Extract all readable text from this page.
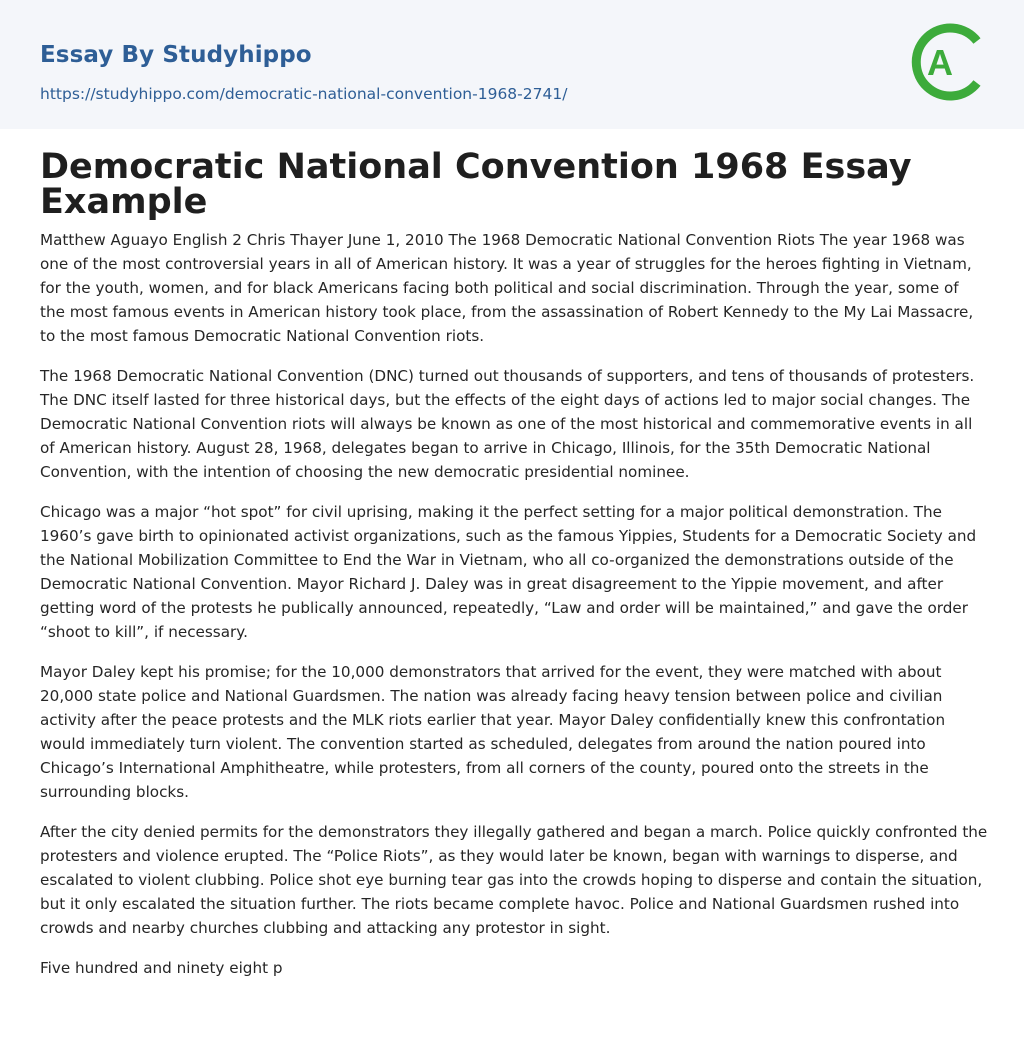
Essay By Studyhippo
https://studyhippo.com/democratic-national-convention-1968-2741/
A
Democratic National Convention 1968 Essay Example

Matthew Aguayo English 2 Chris Thayer June 1, 2010 The 1968 Democratic National Convention Riots The year 1968 was one of the most controversial years in all of American history. It was a year of struggles for the heroes fighting in Vietnam, for the youth, women, and for black Americans facing both political and social discrimination. Through the year, some of the most famous events in American history took place, from the assassination of Robert Kennedy to the My Lai Massacre, to the most famous Democratic National Convention riots.

The 1968 Democratic National Convention (DNC) turned out thousands of supporters, and tens of thousands of protesters. The DNC itself lasted for three historical days, but the effects of the eight days of actions led to major social changes. The Democratic National Convention riots will always be known as one of the most historical and commemorative events in all of American history. August 28, 1968, delegates began to arrive in Chicago, Illinois, for the 35th Democratic National Convention, with the intention of choosing the new democratic presidential nominee.

Chicago was a major “hot spot” for civil uprising, making it the perfect setting for a major political demonstration. The 1960’s gave birth to opinionated activist organizations, such as the famous Yippies, Students for a Democratic Society and the National Mobilization Committee to End the War in Vietnam, who all co-organized the demonstrations outside of the Democratic National Convention. Mayor Richard J. Daley was in great disagreement to the Yippie movement, and after getting word of the protests he publically announced, repeatedly, “Law and order will be maintained,” and gave the order “shoot to kill”, if necessary.

Mayor Daley kept his promise; for the 10,000 demonstrators that arrived for the event, they were matched with about 20,000 state police and National Guardsmen. The nation was already facing heavy tension between police and civilian activity after the peace protests and the MLK riots earlier that year. Mayor Daley confidentially knew this confrontation would immediately turn violent. The convention started as scheduled, delegates from around the nation poured into Chicago’s International Amphitheatre, while protesters, from all corners of the county, poured onto the streets in the surrounding blocks.

After the city denied permits for the demonstrators they illegally gathered and began a march. Police quickly confronted the protesters and violence erupted. The “Police Riots”, as they would later be known, began with warnings to disperse, and escalated to violent clubbing. Police shot eye burning tear gas into the crowds hoping to disperse and contain the situation, but it only escalated the situation further. The riots became complete havoc. Police and National Guardsmen rushed into crowds and nearby churches clubbing and attacking any protestor in sight.

Five hundred and ninety eight p
